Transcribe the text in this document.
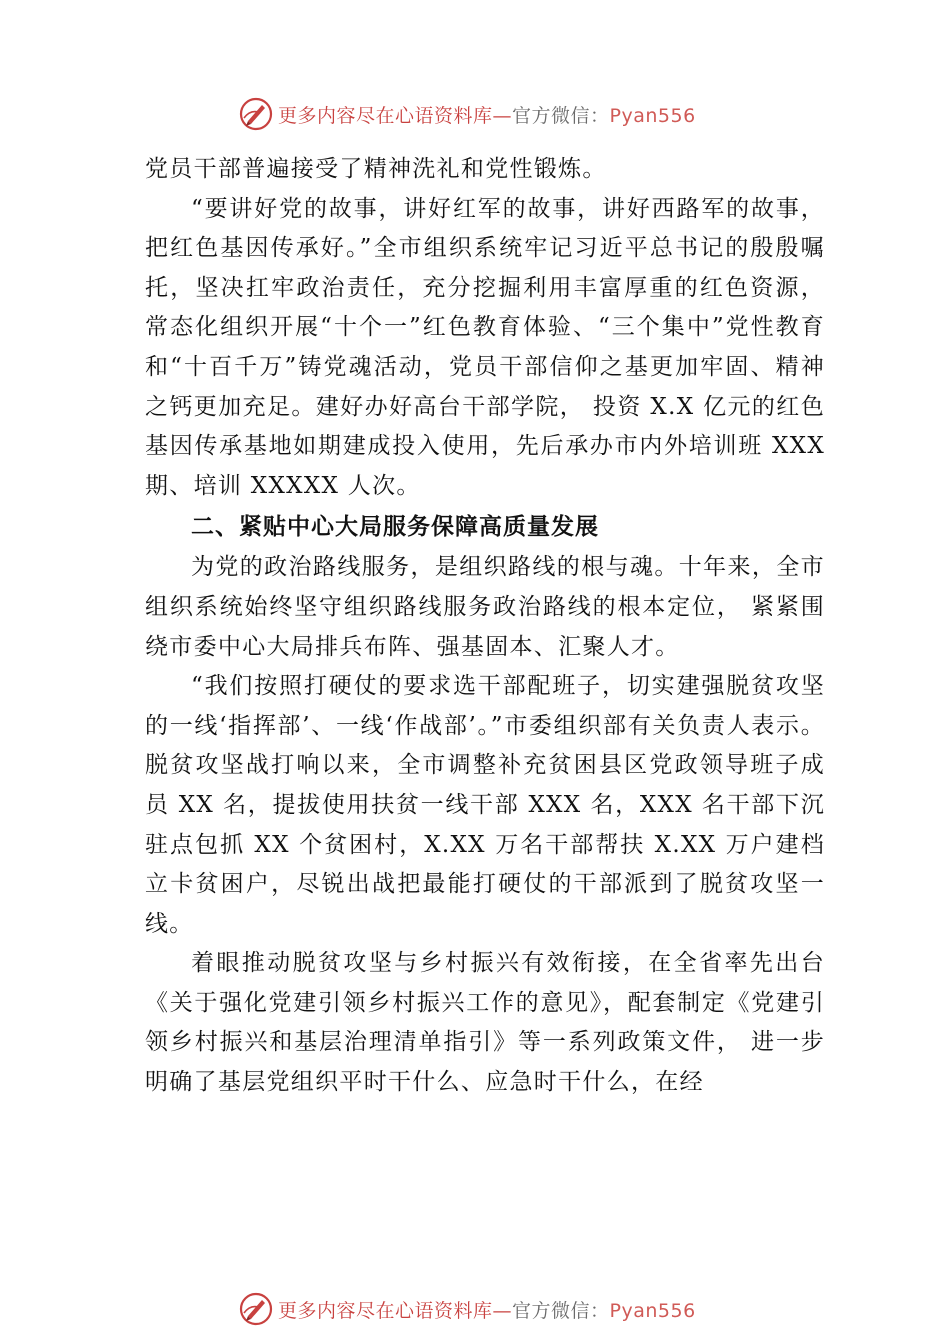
更多内容尽在心语资料库—官方微信：Pyan556

党员干部普遍接受了精神洗礼和党性锻炼。

“要讲好党的故事，讲好红军的故事，讲好西路军的故事，把红色基因传承好。”全市组织系统牢记习近平总书记的殷殷嘱托，坚决扛牢政治责任，充分挖掘利用丰富厚重的红色资源，常态化组织开展“十个一”红色教育体验、“三个集中”党性教育和“十百千万”铸党魂活动，党员干部信仰之基更加牢固、精神之钙更加充足。建好办好高台干部学院， 投资 X.X 亿元的红色基因传承基地如期建成投入使用，先后承办市内外培训班 XXX 期、培训 XXXXX 人次。

二、紧贴中心大局服务保障高质量发展

为党的政治路线服务，是组织路线的根与魂。十年来，全市组织系统始终坚守组织路线服务政治路线的根本定位， 紧紧围绕市委中心大局排兵布阵、强基固本、汇聚人才。

“我们按照打硬仗的要求选干部配班子，切实建强脱贫攻坚的一线‘指挥部’、一线‘作战部’。”市委组织部有关负责人表示。脱贫攻坚战打响以来，全市调整补充贫困县区党政领导班子成员 XX 名，提拔使用扶贫一线干部 XXX 名，XXX 名干部下沉驻点包抓 XX 个贫困村，X.XX 万名干部帮扶 X.XX 万户建档立卡贫困户，尽锐出战把最能打硬仗的干部派到了脱贫攻坚一线。

着眼推动脱贫攻坚与乡村振兴有效衔接，在全省率先出台《关于强化党建引领乡村振兴工作的意见》，配套制定《党建引领乡村振兴和基层治理清单指引》等一系列政策文件， 进一步明确了基层党组织平时干什么、应急时干什么，在经

更多内容尽在心语资料库—官方微信：Pyan556
